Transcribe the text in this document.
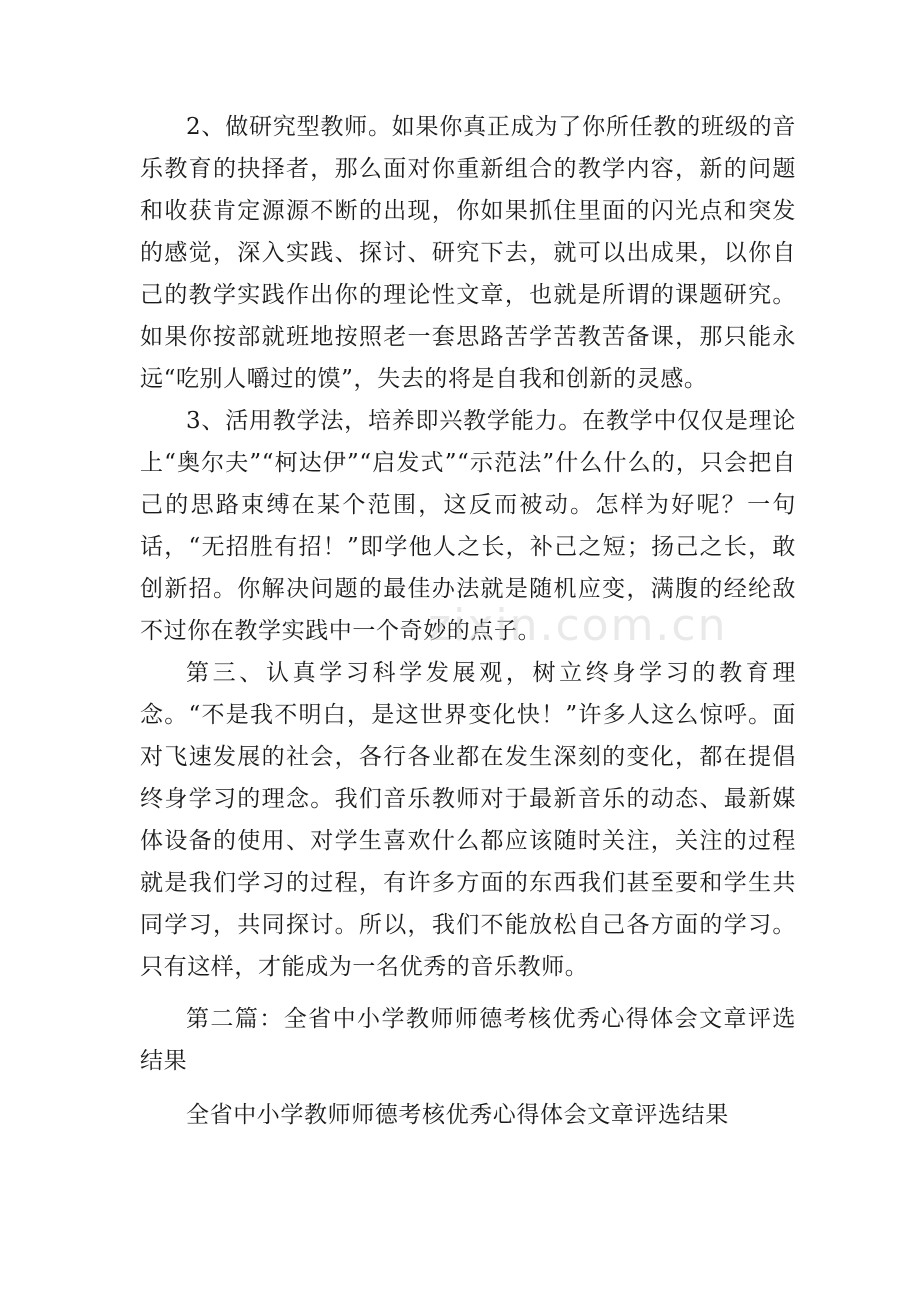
2、做研究型教师。如果你真正成为了你所任教的班级的音乐教育的抉择者，那么面对你重新组合的教学内容，新的问题和收获肯定源源不断的出现，你如果抓住里面的闪光点和突发的感觉，深入实践、探讨、研究下去，就可以出成果，以你自己的教学实践作出你的理论性文章，也就是所谓的课题研究。如果你按部就班地按照老一套思路苦学苦教苦备课，那只能永远“吃别人嚼过的馍”，失去的将是自我和创新的灵感。

3、活用教学法，培养即兴教学能力。在教学中仅仅是理论上“奥尔夫”“柯达伊”“启发式”“示范法”什么什么的，只会把自己的思路束缚在某个范围，这反而被动。怎样为好呢？一句话，“无招胜有招！”即学他人之长，补己之短；扬己之长，敢创新招。你解决问题的最佳办法就是随机应变，满腹的经纶敌不过你在教学实践中一个奇妙的点子。

第三、认真学习科学发展观，树立终身学习的教育理念。“不是我不明白，是这世界变化快！”许多人这么惊呼。面对飞速发展的社会，各行各业都在发生深刻的变化，都在提倡终身学习的理念。我们音乐教师对于最新音乐的动态、最新媒体设备的使用、对学生喜欢什么都应该随时关注，关注的过程就是我们学习的过程，有许多方面的东西我们甚至要和学生共同学习，共同探讨。所以，我们不能放松自己各方面的学习。只有这样，才能成为一名优秀的音乐教师。

第二篇：全省中小学教师师德考核优秀心得体会文章评选结果

全省中小学教师师德考核优秀心得体会文章评选结果

zixin.com.cn
